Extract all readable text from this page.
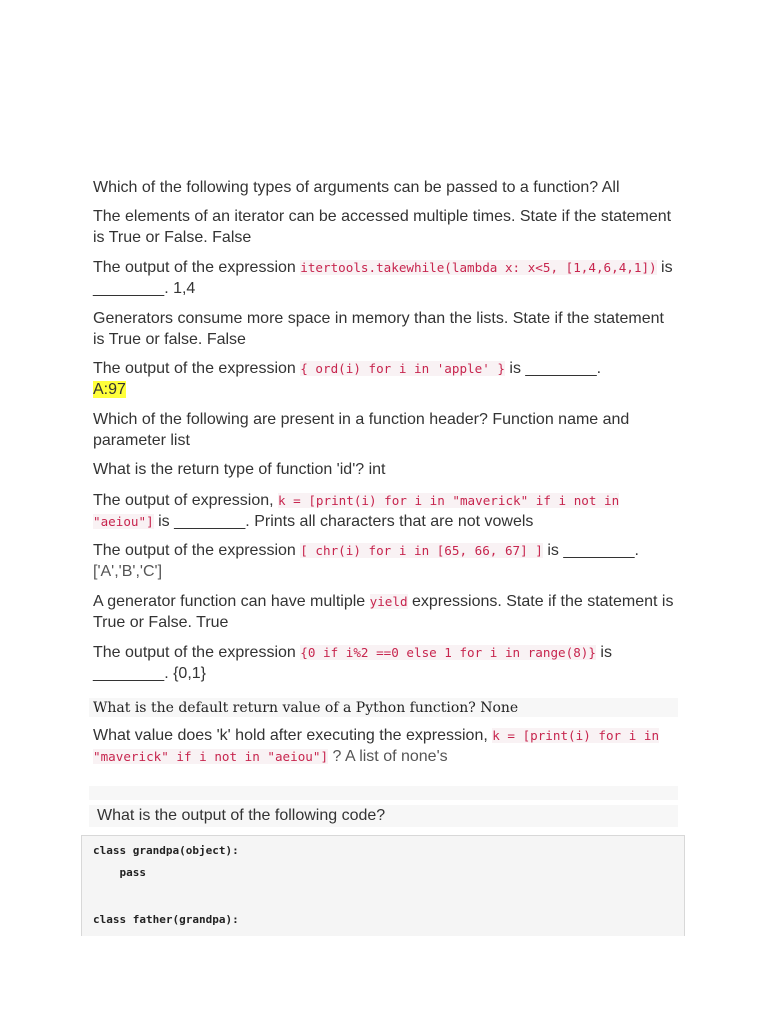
Which of the following types of arguments can be passed to a function? All
The elements of an iterator can be accessed multiple times. State if the statement is True or False. False
The output of the expression itertools.takewhile(lambda x: x<5, [1,4,6,4,1]) is ________. 1,4
Generators consume more space in memory than the lists. State if the statement is True or false. False
The output of the expression { ord(i) for i in 'apple' } is ________.
A:97
Which of the following are present in a function header? Function name and parameter list
What is the return type of function 'id'? int
The output of expression, k = [print(i) for i in "maverick" if i not in "aeiou"] is ________. Prints all characters that are not vowels
The output of the expression [ chr(i) for i in [65, 66, 67] ] is ________.['A','B','C']
A generator function can have multiple yield expressions. State if the statement is True or False. True
The output of the expression {0 if i%2 ==0 else 1 for i in range(8)} is ________. {0,1}
What is the default return value of a Python function? None
What value does 'k' hold after executing the expression, k = [print(i) for i in "maverick" if i not in "aeiou"] ? A list of none's
What is the output of the following code?
class grandpa(object):
pass
class father(grandpa):
